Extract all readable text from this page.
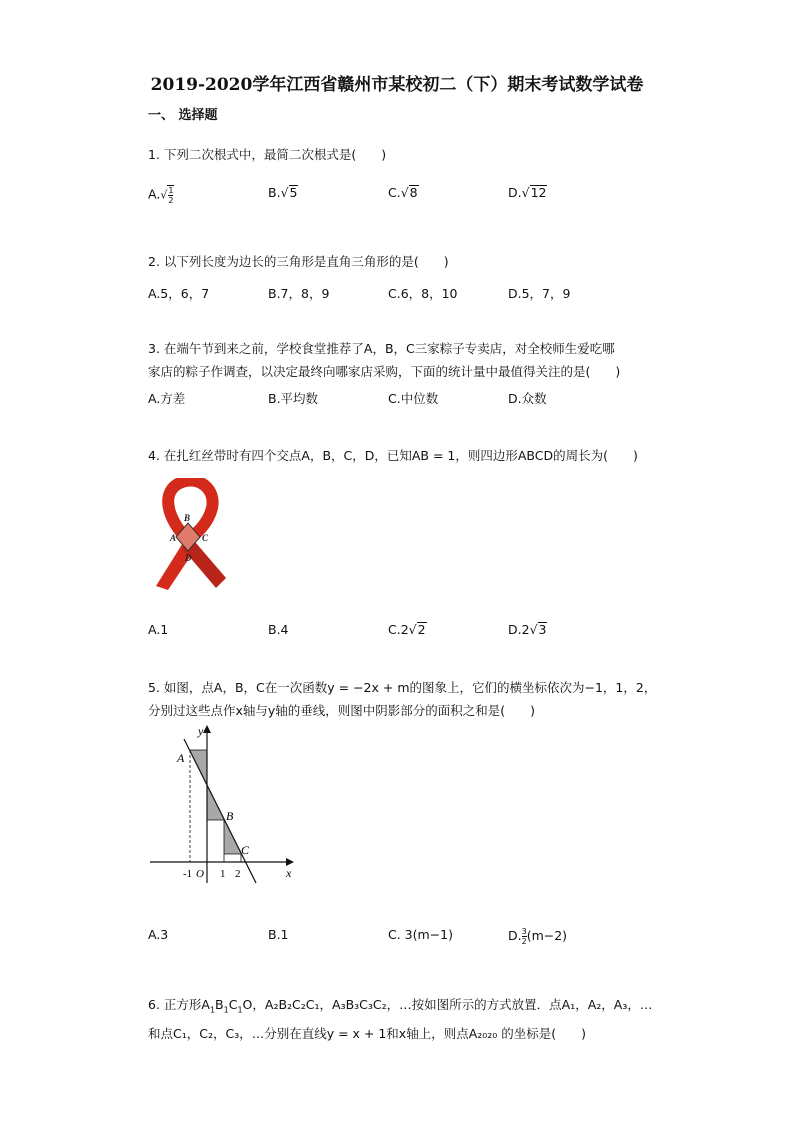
2019-2020学年江西省赣州市某校初二（下）期末考试数学试卷
一、 选择题
1. 下列二次根式中，最简二次根式是(　　)
$A.√ \frac{1}{2}$	B.√5	C.√8	D.√12
2. 以下列长度为边长的三角形是直角三角形的是(　　)
A.5，6，7	B.7，8，9	C.6，8，10	D.5，7，9
3. 在端午节到来之前，学校食堂推荐了A，B，C三家粽子专卖店，对全校师生爱吃哪
家店的粽子作调查，以决定最终向哪家店采购，下面的统计量中最值得关注的是(　　)
A.方差	B.平均数	C.中位数	D.众数
4. 在扎红丝带时有四个交点A，B，C，D，已知AB = 1，则四边形ABCD的周长为(　　)
B
A	C
D
A.1	B.4	C.2√2	D.2√3
5. 如图，点A，B，C在一次函数y = −2x + m的图象上，它们的横坐标依次为−1，1，2，
分别过这些点作x轴与y轴的垂线，则图中阴影部分的面积之和是(　　)
y
x
A
B
C
-1 O 1 2
A.3	B.1	C. 3(m−1)	D. $\frac{3}{2} (m-2)$
6. 正方形$A_1B_1C_1O$，A₂B₂C₂C₁，A₃B₃C₃C₂，…按如图所示的方式放置．点A₁，A₂，A₃，…
和点C₁，C₂，C₃，…分别在直线y = x + 1和x轴上，则点A₂₀₂₀ 的坐标是(　　)
